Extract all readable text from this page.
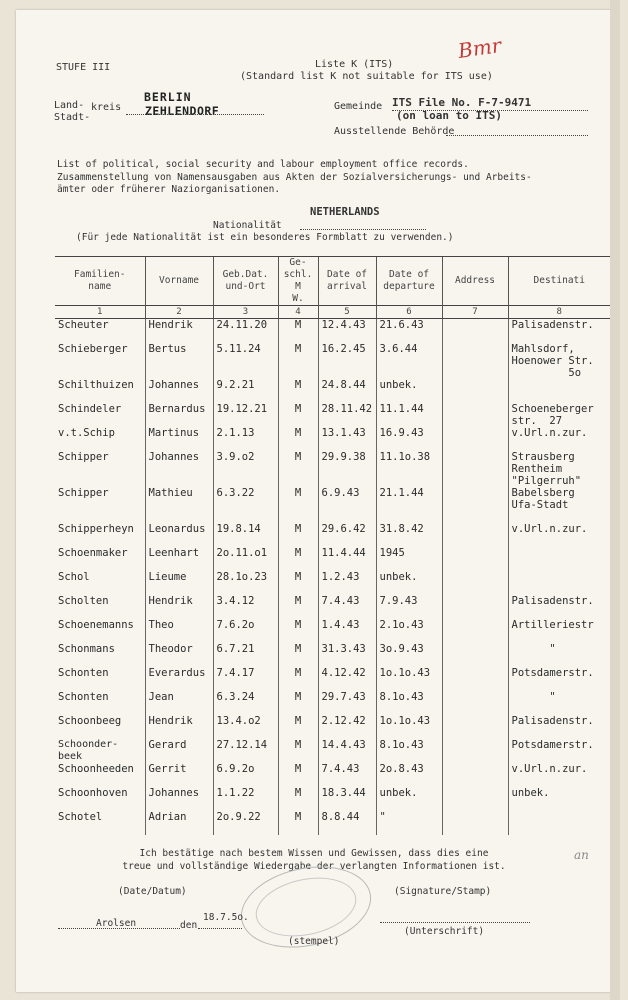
STUFE III	Liste K (ITS)
(Standard list K not suitable for ITS use)
Bmr
Land- kreis
Stadt-
BERLIN
ZEHLENDORF	Gemeinde ITS File No. F-7-9471
(on loan to ITS)
Ausstellende Behörde
List of political, social security and labour employment office records.
Zusammenstellung von Namensausgaben aus Akten der Sozialversicherungs- und Arbeits-
ämter oder früherer Naziorganisationen.
NETHERLANDS
Nationalität
(Für jede Nationalität ist ein besonderes Formblatt zu verwenden.)
Familien-
name	Vorname	Geb.Dat.
und-Ort	Ge-
schl.
M
W.	Date of
arrival	Date of
departure	Address	Destinati
1	2	3	4	5	6	7	8
Scheuter	Hendrik	24.11.20	M	12.4.43	21.6.43		Palisadenstr.
Schieberger	Bertus	5.11.24	M	16.2.45	3.6.44		Mahlsdorf,
Hoenower Str.
5o
Schilthuizen	Johannes	9.2.21	M	24.8.44	unbek.		
Schindeler	Bernardus	19.12.21	M	28.11.42	11.1.44		Schoeneberger
str.  27
v.t.Schip	Martinus	2.1.13	M	13.1.43	16.9.43		v.Url.n.zur.
Schipper	Johannes	3.9.o2	M	29.9.38	11.1o.38		Strausberg
Rentheim
"Pilgerruh"
Schipper	Mathieu	6.3.22	M	6.9.43	21.1.44		Babelsberg
Ufa-Stadt
Schipperheyn	Leonardus	19.8.14	M	29.6.42	31.8.42		v.Url.n.zur.
Schoenmaker	Leenhart	2o.11.o1	M	11.4.44	1945		
Schol	Lieume	28.1o.23	M	1.2.43	unbek.		
Scholten	Hendrik	3.4.12	M	7.4.43	7.9.43		Palisadenstr.
Schoenemanns	Theo	7.6.2o	M	1.4.43	2.1o.43		Artilleriestr
Schonmans	Theodor	6.7.21	M	31.3.43	3o.9.43		"
Schonten	Everardus	7.4.17	M	4.12.42	1o.1o.43		Potsdamerstr.
Schonten	Jean	6.3.24	M	29.7.43	8.1o.43		"
Schoonbeeg	Hendrik	13.4.o2	M	2.12.42	1o.1o.43		Palisadenstr.
Schoonder-
beek	Gerard	27.12.14	M	14.4.43	8.1o.43		Potsdamerstr.
Schoonheeden	Gerrit	6.9.2o	M	7.4.43	2o.8.43		v.Url.n.zur.
Schoonhoven	Johannes	1.1.22	M	18.3.44	unbek.		unbek.
Schotel	Adrian	2o.9.22	M	8.8.44	"		
Ich bestätige nach bestem Wissen und Gewissen, dass dies eine
treue und vollständige Wiedergabe der verlangten Informationen ist.
(Date/Datum)	(Signature/Stamp)
Arolsen	den
18.7.5o.
(Unterschrift)
(stempel)
an
